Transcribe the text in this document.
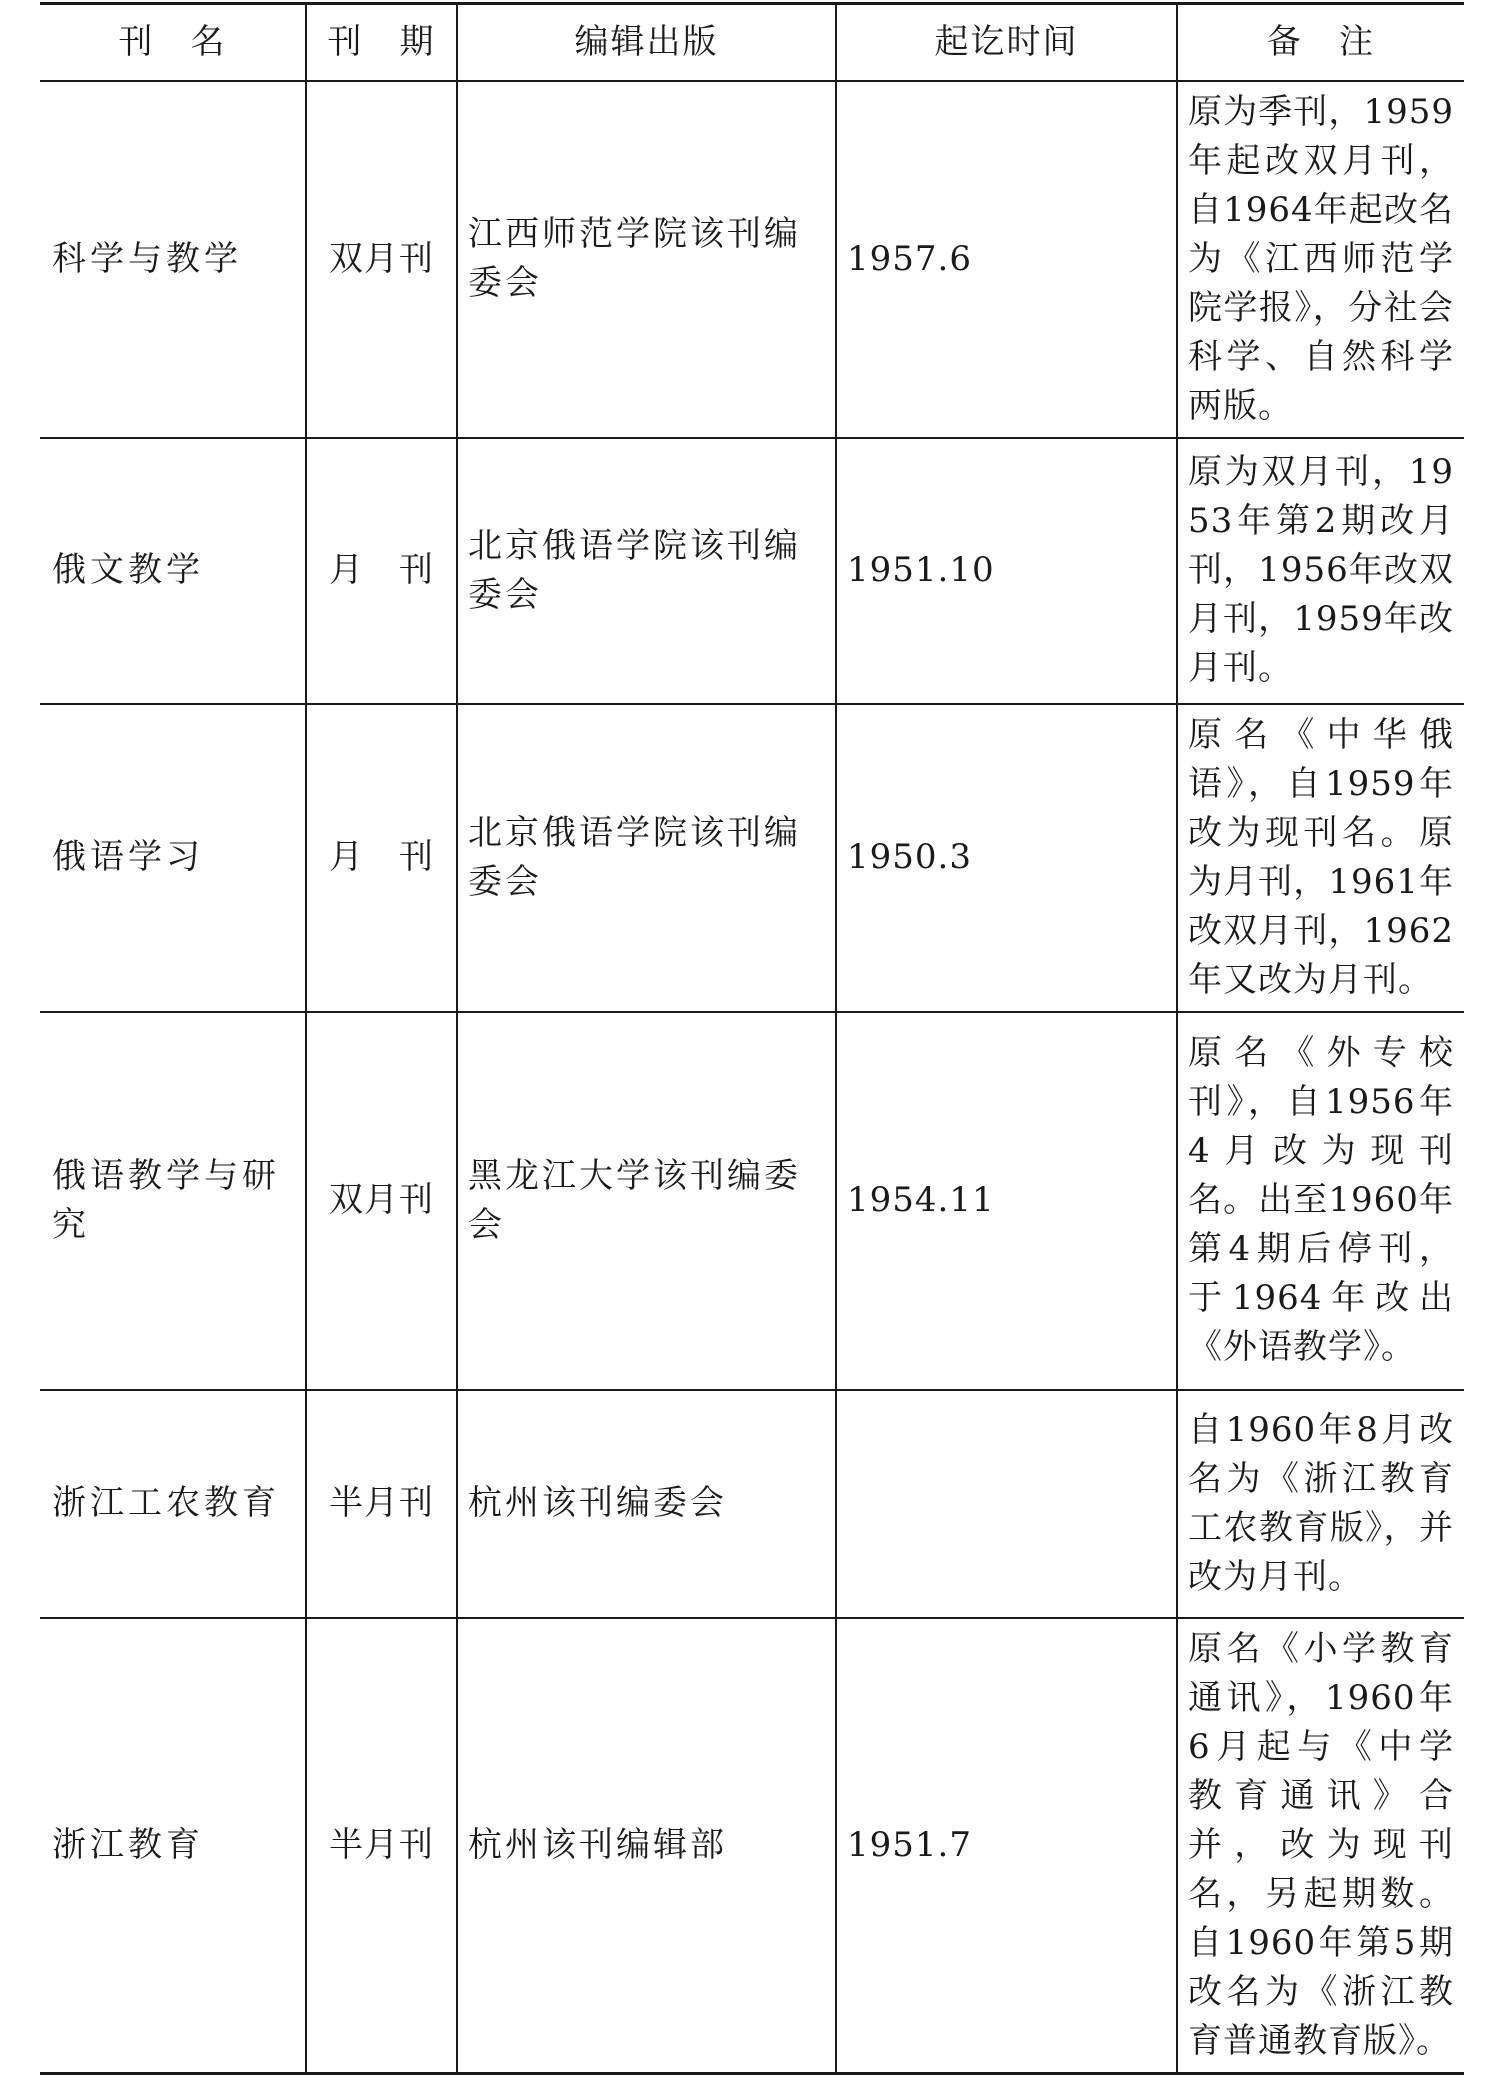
刊　名	刊　期	编辑出版	起讫时间	备　注
科学与教学	双月刊	江西师范学院该刊编委会	1957.6	原为季刊，1959年起改双月刊，自1964年起改名为《江西师范学院学报》，分社会科学、自然科学两版。
俄文教学	月　刊	北京俄语学院该刊编委会	1951.10	原为双月刊，1953年第2期改月刊，1956年改双月刊，1959年改月刊。
俄语学习	月　刊	北京俄语学院该刊编委会	1950.3	原名《中华俄语》，自1959年改为现刊名。原为月刊，1961年改双月刊，1962年又改为月刊。
俄语教学与研究	双月刊	黑龙江大学该刊编委会	1954.11	原名《外专校刊》，自1956年4月改为现刊名。出至1960年第4期后停刊，于1964年改出《外语教学》。
浙江工农教育	半月刊	杭州该刊编委会		自1960年8月改名为《浙江教育工农教育版》，并改为月刊。
浙江教育	半月刊	杭州该刊编辑部	1951.7	原名《小学教育通讯》，1960年6月起与《中学教育通讯》合并，改为现刊名，另起期数。自1960年第5期改名为《浙江教育普通教育版》。
